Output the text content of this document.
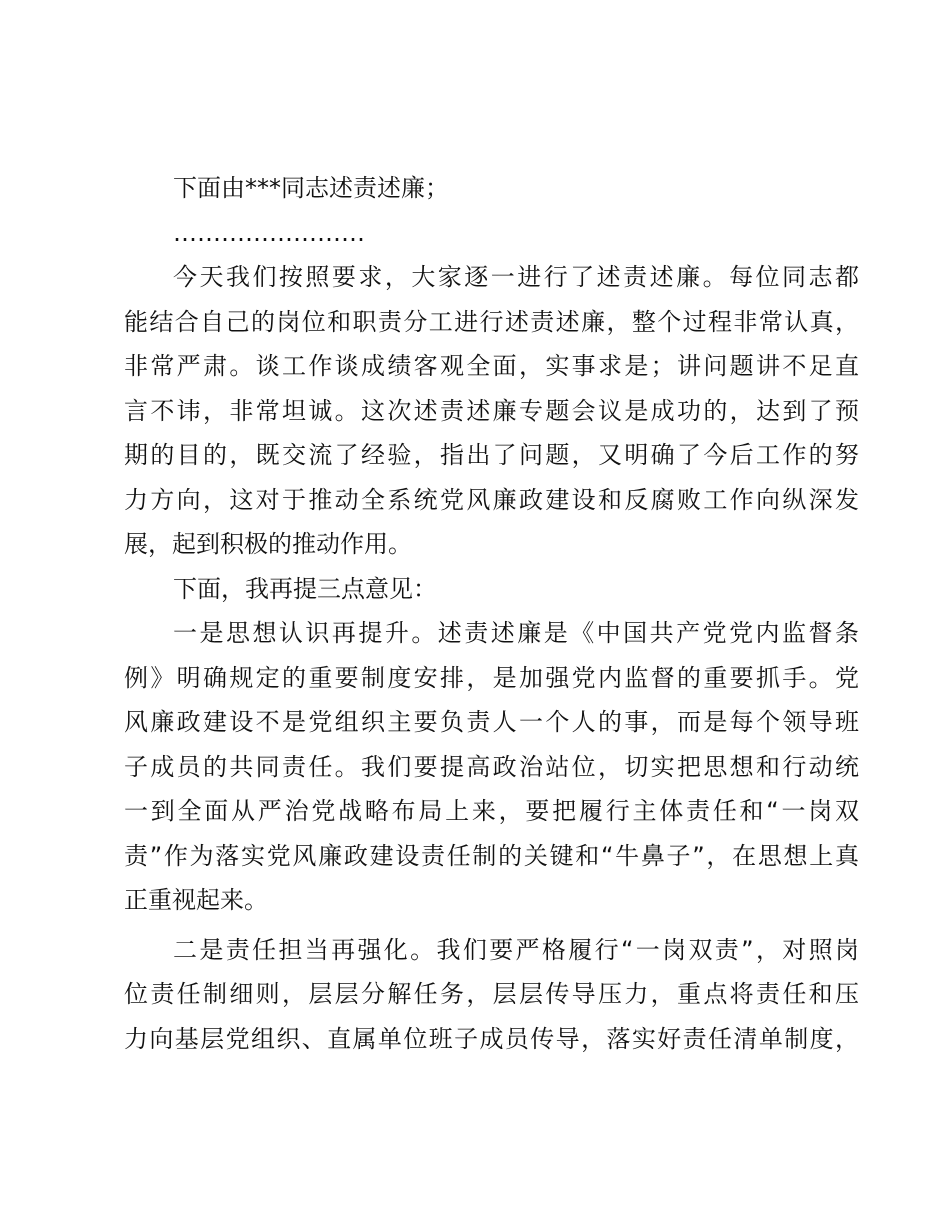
下面由***同志述责述廉；
……………………
今天我们按照要求，大家逐一进行了述责述廉。每位同志都
能结合自己的岗位和职责分工进行述责述廉，整个过程非常认真，
非常严肃。谈工作谈成绩客观全面，实事求是；讲问题讲不足直
言不讳，非常坦诚。这次述责述廉专题会议是成功的，达到了预
期的目的，既交流了经验，指出了问题，又明确了今后工作的努
力方向，这对于推动全系统党风廉政建设和反腐败工作向纵深发
展，起到积极的推动作用。
下面，我再提三点意见：
一是思想认识再提升。述责述廉是《中国共产党党内监督条
例》明确规定的重要制度安排，是加强党内监督的重要抓手。党
风廉政建设不是党组织主要负责人一个人的事，而是每个领导班
子成员的共同责任。我们要提高政治站位，切实把思想和行动统
一到全面从严治党战略布局上来，要把履行主体责任和“一岗双
责”作为落实党风廉政建设责任制的关键和“牛鼻子”，在思想上真
正重视起来。
二是责任担当再强化。我们要严格履行“一岗双责”，对照岗
位责任制细则，层层分解任务，层层传导压力，重点将责任和压
力向基层党组织、直属单位班子成员传导，落实好责任清单制度，
